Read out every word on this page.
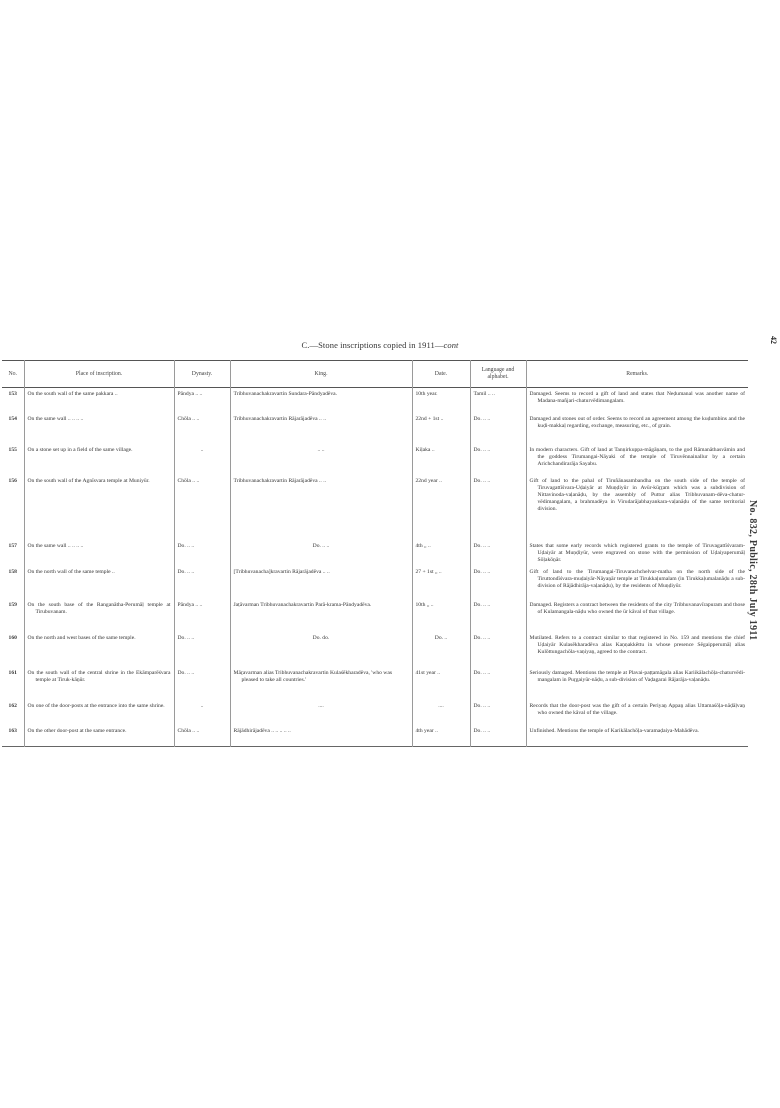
C.—Stone inscriptions copied in 1911—cont	42
No. 832, Public, 28th July 1911
No.	Place of inscription.	Dynasty.	King.	Date.	Language and alphabet.	Remarks.
153	On the south wall of the same pakkara ..	Pāndya .. ..	Tribhuvanachakravartin Sundara-Pāndyadēva.	10th year.	Tamil .. ..	Damaged. Seems to record a gift of land and states that Neḍumanal was another name of Madana-mañjari-chaturvēdimangalam.

154	On the same wall .. .. .. ..	Chōla .. ..	Tribhuvanachakravartin Rājarājadēva .. ..	22nd + 1st ..	Do. .. ..	Damaged and stones out of order. Seems to record an agreement among the kuḍumbins and the kuḍi-makkaḷ regarding, exchange, measuring, etc., of grain.

155	On a stone set up in a field of the same village.	..	.. ..	Kiḷaka ..	Do. .. ..	In modern characters. Gift of land at Tanṇirkuppa-māgāṇam, to the god Rāmanāthasvāmin and the goddess Tirumangai-Nāyaki of the temple of Tiruvēnnainallur by a certain Arichchandirarāja Sayabu.

156	On the south wall of the Agnīsvara temple at Muniyūr.	Chōla .. ..	Tribhuvanachakravartin Rājarājadēva .. ..	22nd year ..	Do. .. ..	Gift of land to the pahal of Tiruñānasambandha on the south side of the temple of Tiruvagattīśvara-Uḍaiyār at Muṇḍiyūr in Avūr-kūṟṟam which was a subdivision of Nittavinoda-vaḷanāḍu, by the assembly of Puttur alias Tribhuvanam-dēva-chatur-vēdimangalam, a brahmadēya in Virudarājabhayankara-vaḷanāḍu of the same territorial division.

157	On the same wall .. .. .. ..	Do. .. ..	Do. .. ..	4th „ ..	Do. .. ..	States that some early records which registered grants to the temple of Tiruvagattīśvaram-Uḍaiyār at Muṇḍiyūr, were engraved on stone with the permission of Uḍaiyaperumāḷ Sōḷakōṉār.

158	On the north wall of the same temple ..	Do. .. ..	[Tribhuvanacha]kravartin Rājarājadēva .. ..	27 + 1st „ ..	Do. .. ..	Gift of land to the Tirumangai-Tiruvarachchelvar-matha on the north side of the Tiruttondīśvara-muḍaiyār-Nāyaṉār temple at Tirukkaḷumalam (in Tirukkaḷumalanāḍu a sub-division of Rājādhirāja-vaḷanāḍu), by the residents of Muṇḍiyūr.

159	On the south base of the Ranganātha-Perumāḷ temple at Tirubuvanam.	Pāndya .. ..	Jaṭāvarman Tribhuvanachakravartin Parā-krama-Pāndyadēva.	10th „ ..	Do. .. ..	Damaged. Registers a contract between the residents of the city Tribhuvanavīrapuram and those of Kulamangala-nāḍu who owned the ūr kāval of that village.

160	On the north and west bases of the same temple.	Do. .. ..	Do. do.	Do. ..	Do. .. ..	Mutilated. Refers to a contract similar to that registered in No. 159 and mentions the chief Uḍaiyār Kulasēkharadēva alias Kaṇṇakkēttu in whose presence Sēgaipperumāḷ alias Kulōttungachōla-vaṇiyaṉ, agreed to the contract.

161	On the south wall of the central shrine in the Ekāmparēśvara temple at Tiruk-kāṉūr.	Do. .. ..	Māṟavarman alias Tribhuvanachakravartin Kulaśēkharadēva, 'who was pleased to take all countries.'	41st year ..	Do. .. ..	Seriously damaged. Mentions the temple at Plavai-paṭṭamāgala alias Kariikālachōḷa-chaturvēdi-mangalam in Puṟgaiyūr-nāḍu, a sub-division of Vaḍagarai Rājarāja-vaḷanāḍu.

162	On one of the door-posts at the entrance into the same shrine.	..	....	....	Do. .. ..	Records that the door-post was the gift of a certain Periyaṉ Appaṉ alias Uttamaśōḷa-nāḍāḷvaṉ who owned the kāval of the village.

163	On the other door-post at the same entrance.	Chōla .. ..	Rājādhirājadēva .. .. .. .. ..	4th year ..	Do. .. ..	Unfinished. Mentions the temple of Karikālachōḷa-varamaḍaiya-Mahādēva.
